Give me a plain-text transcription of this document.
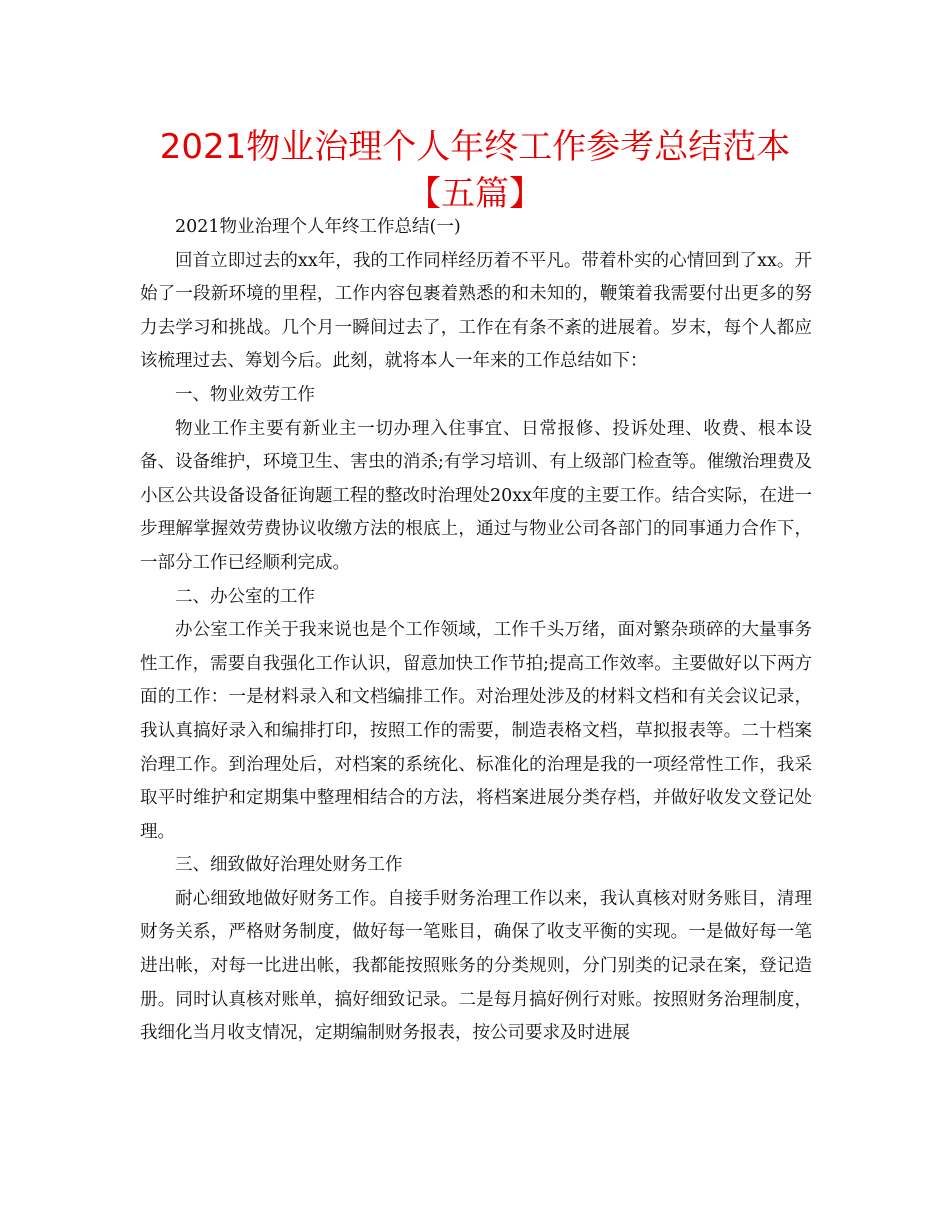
2021物业治理个人年终工作参考总结范本【五篇】

2021物业治理个人年终工作总结(一)

回首立即过去的xx年，我的工作同样经历着不平凡。带着朴实的心情回到了xx。开始了一段新环境的里程，工作内容包裹着熟悉的和未知的，鞭策着我需要付出更多的努力去学习和挑战。几个月一瞬间过去了，工作在有条不紊的进展着。岁末，每个人都应该梳理过去、筹划今后。此刻，就将本人一年来的工作总结如下：

一、物业效劳工作

物业工作主要有新业主一切办理入住事宜、日常报修、投诉处理、收费、根本设备、设备维护，环境卫生、害虫的消杀;有学习培训、有上级部门检查等。催缴治理费及小区公共设备设备征询题工程的整改时治理处20xx年度的主要工作。结合实际，在进一步理解掌握效劳费协议收缴方法的根底上，通过与物业公司各部门的同事通力合作下，一部分工作已经顺利完成。

二、办公室的工作

办公室工作关于我来说也是个工作领域，工作千头万绪，面对繁杂琐碎的大量事务性工作，需要自我强化工作认识，留意加快工作节拍;提高工作效率。主要做好以下两方面的工作：一是材料录入和文档编排工作。对治理处涉及的材料文档和有关会议记录，我认真搞好录入和编排打印，按照工作的需要，制造表格文档，草拟报表等。二十档案治理工作。到治理处后，对档案的系统化、标准化的治理是我的一项经常性工作，我采取平时维护和定期集中整理相结合的方法，将档案进展分类存档，并做好收发文登记处理。

三、细致做好治理处财务工作

耐心细致地做好财务工作。自接手财务治理工作以来，我认真核对财务账目，清理财务关系，严格财务制度，做好每一笔账目，确保了收支平衡的实现。一是做好每一笔进出帐，对每一比进出帐，我都能按照账务的分类规则，分门别类的记录在案，登记造册。同时认真核对账单，搞好细致记录。二是每月搞好例行对账。按照财务治理制度，我细化当月收支情况，定期编制财务报表，按公司要求及时进展
